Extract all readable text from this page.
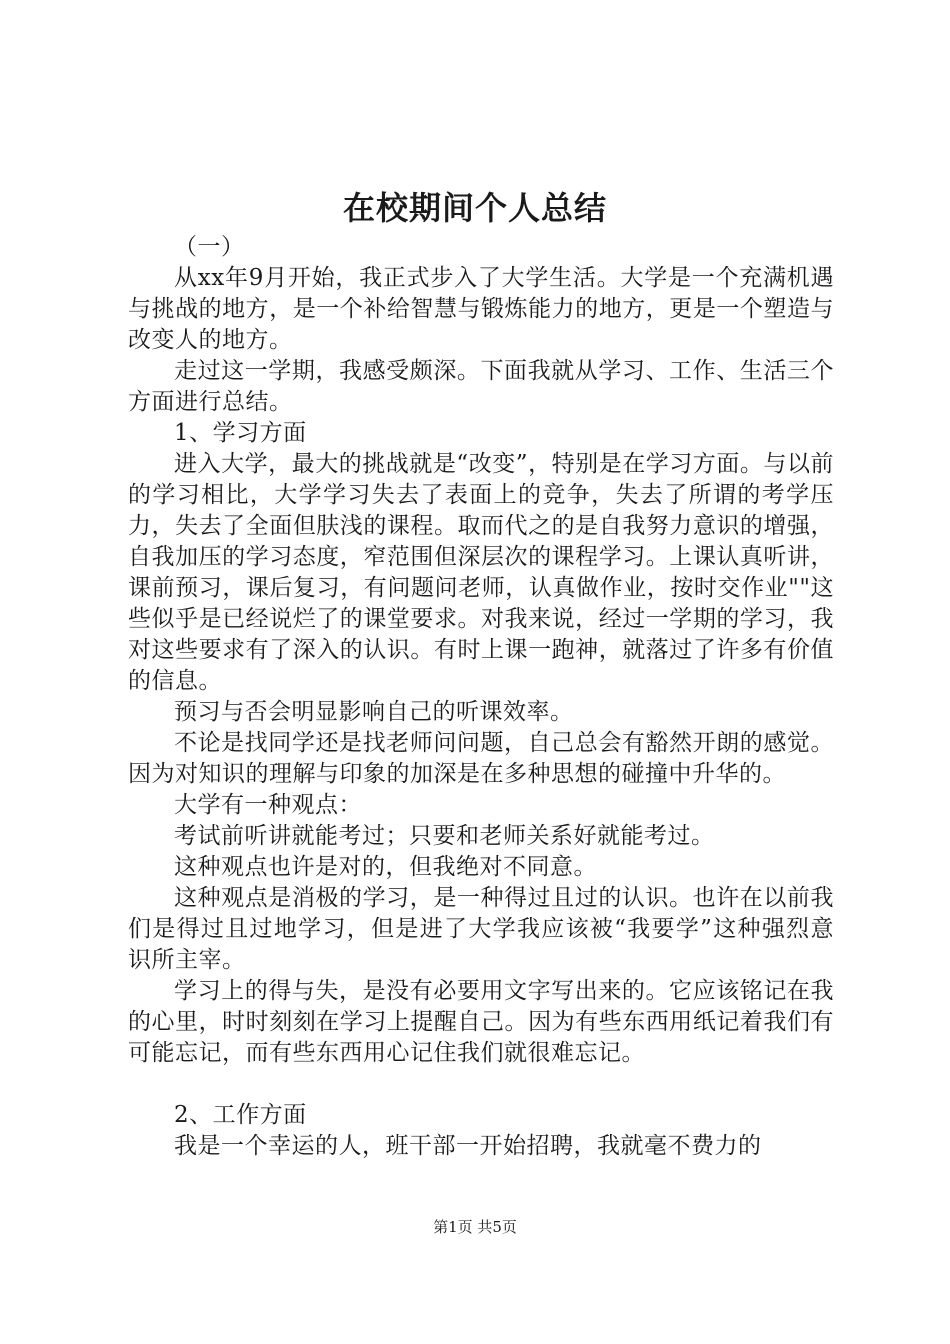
在校期间个人总结

（一）

从xx年9月开始，我正式步入了大学生活。大学是一个充满机遇与挑战的地方，是一个补给智慧与锻炼能力的地方，更是一个塑造与改变人的地方。

走过这一学期，我感受颇深。下面我就从学习、工作、生活三个方面进行总结。

1、学习方面

进入大学，最大的挑战就是“改变”，特别是在学习方面。与以前的学习相比，大学学习失去了表面上的竞争，失去了所谓的考学压力，失去了全面但肤浅的课程。取而代之的是自我努力意识的增强，自我加压的学习态度，窄范围但深层次的课程学习。上课认真听讲，课前预习，课后复习，有问题问老师，认真做作业，按时交作业""这些似乎是已经说烂了的课堂要求。对我来说，经过一学期的学习，我对这些要求有了深入的认识。有时上课一跑神，就落过了许多有价值的信息。

预习与否会明显影响自己的听课效率。

不论是找同学还是找老师问问题，自己总会有豁然开朗的感觉。因为对知识的理解与印象的加深是在多种思想的碰撞中升华的。

大学有一种观点：

考试前听讲就能考过；只要和老师关系好就能考过。

这种观点也许是对的，但我绝对不同意。

这种观点是消极的学习，是一种得过且过的认识。也许在以前我们是得过且过地学习，但是进了大学我应该被“我要学”这种强烈意识所主宰。

学习上的得与失，是没有必要用文字写出来的。它应该铭记在我的心里，时时刻刻在学习上提醒自己。因为有些东西用纸记着我们有可能忘记，而有些东西用心记住我们就很难忘记。

2、工作方面

我是一个幸运的人，班干部一开始招聘，我就毫不费力的

第1页 共5页
